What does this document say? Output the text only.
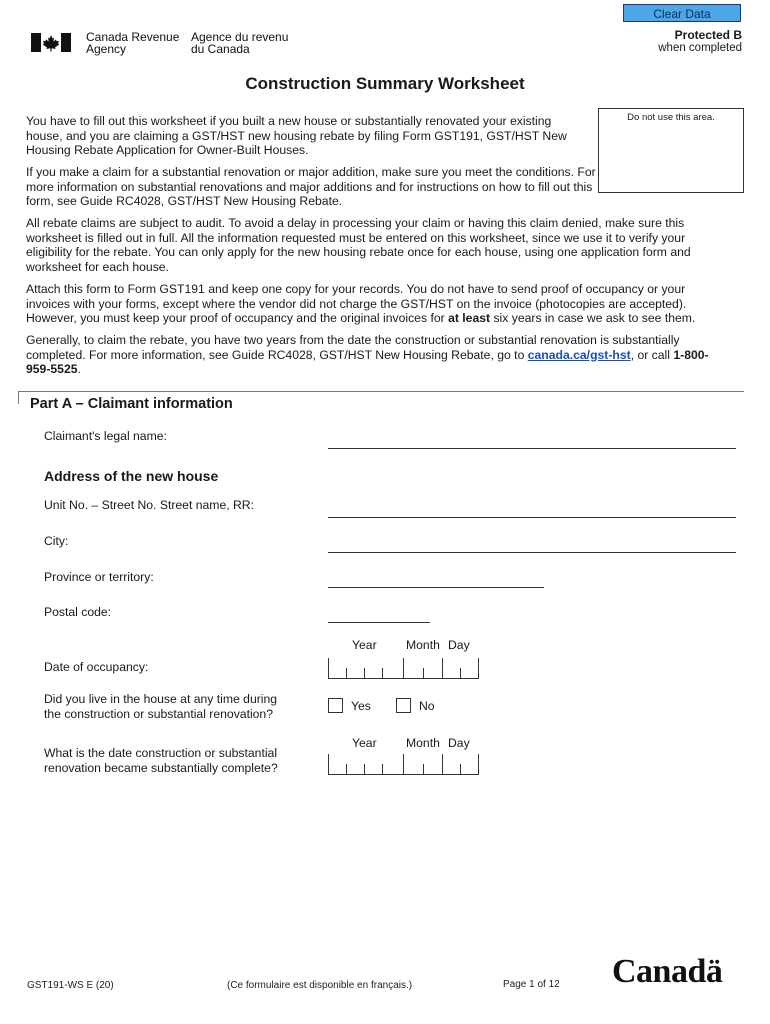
Clear Data
Protected B
when completed
Canada Revenue
Agency
Agence du revenu
du Canada
Construction Summary Worksheet
Do not use this area.
You have to fill out this worksheet if you built a new house or substantially renovated your existing house, and you are claiming a GST/HST new housing rebate by filing Form GST191, GST/HST New Housing Rebate Application for Owner-Built Houses.
If you make a claim for a substantial renovation or major addition, make sure you meet the conditions. For more information on substantial renovations and major additions and for instructions on how to fill out this form, see Guide RC4028, GST/HST New Housing Rebate.
All rebate claims are subject to audit. To avoid a delay in processing your claim or having this claim denied, make sure this worksheet is filled out in full. All the information requested must be entered on this worksheet, since we use it to verify your eligibility for the rebate. You can only apply for the new housing rebate once for each house, using one application form and worksheet for each house.
Attach this form to Form GST191 and keep one copy for your records. You do not have to send proof of occupancy or your invoices with your forms, except where the vendor did not charge the GST/HST on the invoice (photocopies are accepted). However, you must keep your proof of occupancy and the original invoices for at least six years in case we ask to see them.
Generally, to claim the rebate, you have two years from the date the construction or substantial renovation is substantially completed. For more information, see Guide RC4028, GST/HST New Housing Rebate, go to canada.ca/gst-hst, or call 1-800-959-5525.
Part A – Claimant information
Claimant's legal name:
Address of the new house
Unit No. – Street No. Street name, RR:
City:
Province or territory:
Postal code:
Year Month Day
Date of occupancy:
Did you live in the house at any time during
the construction or substantial renovation?
Yes	No
Year Month Day
What is the date construction or substantial
renovation became substantially complete?
GST191-WS E (20)	(Ce formulaire est disponible en français.)	Page 1 of 12 Canadä
